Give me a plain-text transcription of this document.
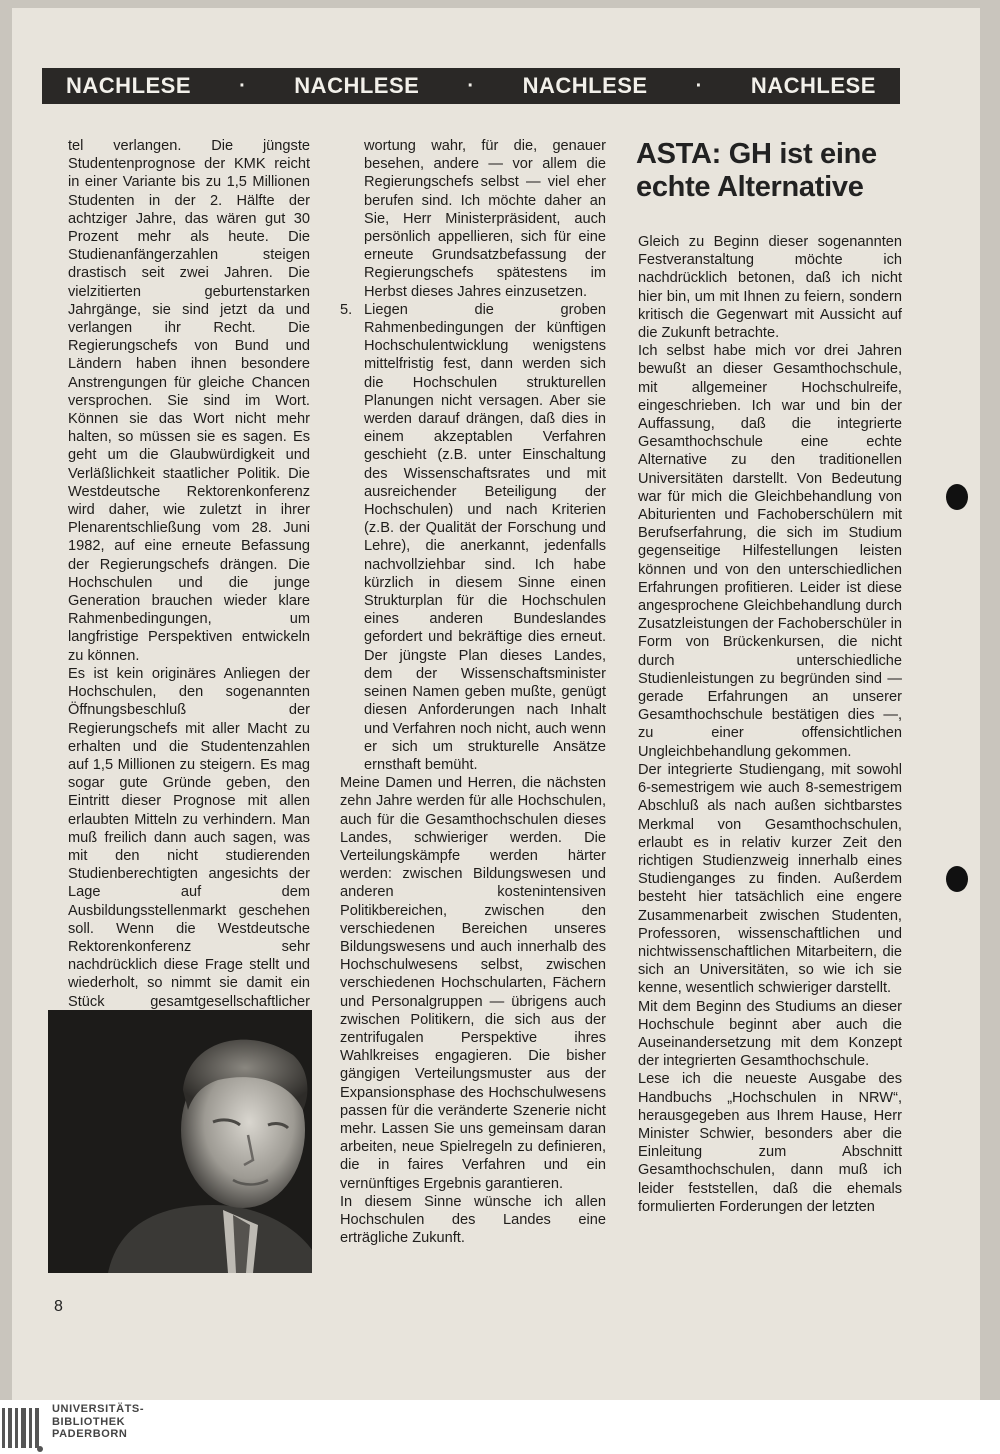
NACHLESE · NACHLESE · NACHLESE · NACHLESE

tel verlangen. Die jüngste Studentenprognose der KMK reicht in einer Variante bis zu 1,5 Millionen Studenten in der 2. Hälfte der achtziger Jahre, das wären gut 30 Prozent mehr als heute. Die Studienanfängerzahlen steigen drastisch seit zwei Jahren. Die vielzitierten geburtenstarken Jahrgänge, sie sind jetzt da und verlangen ihr Recht. Die Regierungschefs von Bund und Ländern haben ihnen besondere Anstrengungen für gleiche Chancen versprochen. Sie sind im Wort. Können sie das Wort nicht mehr halten, so müssen sie es sagen. Es geht um die Glaubwürdigkeit und Verläßlichkeit staatlicher Politik. Die Westdeutsche Rektorenkonferenz wird daher, wie zuletzt in ihrer Plenarentschließung vom 28. Juni 1982, auf eine erneute Befassung der Regierungschefs drängen. Die Hochschulen und die junge Generation brauchen wieder klare Rahmenbedingungen, um langfristige Perspektiven entwickeln zu können.

Es ist kein originäres Anliegen der Hochschulen, den sogenannten Öffnungsbeschluß der Regierungschefs mit aller Macht zu erhalten und die Studentenzahlen auf 1,5 Millionen zu steigern. Es mag sogar gute Gründe geben, den Eintritt dieser Prognose mit allen erlaubten Mitteln zu verhindern. Man muß freilich dann auch sagen, was mit den nicht studierenden Studienberechtigten angesichts der Lage auf dem Ausbildungsstellenmarkt geschehen soll. Wenn die Westdeutsche Rektorenkonferenz sehr nachdrücklich diese Frage stellt und wiederholt, so nimmt sie damit ein Stück gesamtgesellschaftlicher

wortung wahr, für die, genauer besehen, andere — vor allem die Regierungschefs selbst — viel eher berufen sind. Ich möchte daher an Sie, Herr Ministerpräsident, auch persönlich appellieren, sich für eine erneute Grundsatzbefassung der Regierungschefs spätestens im Herbst dieses Jahres einzusetzen.

5. Liegen die groben Rahmenbedingungen der künftigen Hochschulentwicklung wenigstens mittelfristig fest, dann werden sich die Hochschulen strukturellen Planungen nicht versagen. Aber sie werden darauf drängen, daß dies in einem akzeptablen Verfahren geschieht (z.B. unter Einschaltung des Wissenschaftsrates und mit ausreichender Beteiligung der Hochschulen) und nach Kriterien (z.B. der Qualität der Forschung und Lehre), die anerkannt, jedenfalls nachvollziehbar sind. Ich habe kürzlich in diesem Sinne einen Strukturplan für die Hochschulen eines anderen Bundeslandes gefordert und bekräftige dies erneut. Der jüngste Plan dieses Landes, dem der Wissenschaftsminister seinen Namen geben mußte, genügt diesen Anforderungen nach Inhalt und Verfahren noch nicht, auch wenn er sich um strukturelle Ansätze ernsthaft bemüht.

Meine Damen und Herren, die nächsten zehn Jahre werden für alle Hochschulen, auch für die Gesamthochschulen dieses Landes, schwieriger werden. Die Verteilungskämpfe werden härter werden: zwischen Bildungswesen und anderen kostenintensiven Politikbereichen, zwischen den verschiedenen Bereichen unseres Bildungswesens und auch innerhalb des Hochschulwesens selbst, zwischen verschiedenen Hochschularten, Fächern und Personalgruppen — übrigens auch zwischen Politikern, die sich aus der zentrifugalen Perspektive ihres Wahlkreises engagieren. Die bisher gängigen Verteilungsmuster aus der Expansionsphase des Hochschulwesens passen für die veränderte Szenerie nicht mehr. Lassen Sie uns gemeinsam daran arbeiten, neue Spielregeln zu definieren, die in faires Verfahren und ein vernünftiges Ergebnis garantieren.

In diesem Sinne wünsche ich allen Hochschulen des Landes eine erträgliche Zukunft.

ASTA: GH ist eine echte Alternative

Gleich zu Beginn dieser sogenannten Festveranstaltung möchte ich nachdrücklich betonen, daß ich nicht hier bin, um mit Ihnen zu feiern, sondern kritisch die Gegenwart mit Aussicht auf die Zukunft betrachte.

Ich selbst habe mich vor drei Jahren bewußt an dieser Gesamthochschule, mit allgemeiner Hochschulreife, eingeschrieben. Ich war und bin der Auffassung, daß die integrierte Gesamthochschule eine echte Alternative zu den traditionellen Universitäten darstellt. Von Bedeutung war für mich die Gleichbehandlung von Abiturienten und Fachoberschülern mit Berufserfahrung, die sich im Studium gegenseitige Hilfestellungen leisten können und von den unterschiedlichen Erfahrungen profitieren. Leider ist diese angesprochene Gleichbehandlung durch Zusatzleistungen der Fachoberschüler in Form von Brückenkursen, die nicht durch unterschiedliche Studienleistungen zu begründen sind — gerade Erfahrungen an unserer Gesamthochschule bestätigen dies —, zu einer offensichtlichen Ungleichbehandlung gekommen.

Der integrierte Studiengang, mit sowohl 6-semestrigem wie auch 8-semestrigem Abschluß als nach außen sichtbarstes Merkmal von Gesamthochschulen, erlaubt es in relativ kurzer Zeit den richtigen Studienzweig innerhalb eines Studienganges zu finden. Außerdem besteht hier tatsächlich eine engere Zusammenarbeit zwischen Studenten, Professoren, wissenschaftlichen und nichtwissenschaftlichen Mitarbeitern, die sich an Universitäten, so wie ich sie kenne, wesentlich schwieriger darstellt.

Mit dem Beginn des Studiums an dieser Hochschule beginnt aber auch die Auseinandersetzung mit dem Konzept der integrierten Gesamthochschule.

Lese ich die neueste Ausgabe des Handbuchs „Hochschulen in NRW“, herausgegeben aus Ihrem Hause, Herr Minister Schwier, besonders aber die Einleitung zum Abschnitt Gesamthochschulen, dann muß ich leider feststellen, daß die ehemals formulierten Forderungen der letzten

8
UNIVERSITÄTS-
BIBLIOTHEK
PADERBORN
